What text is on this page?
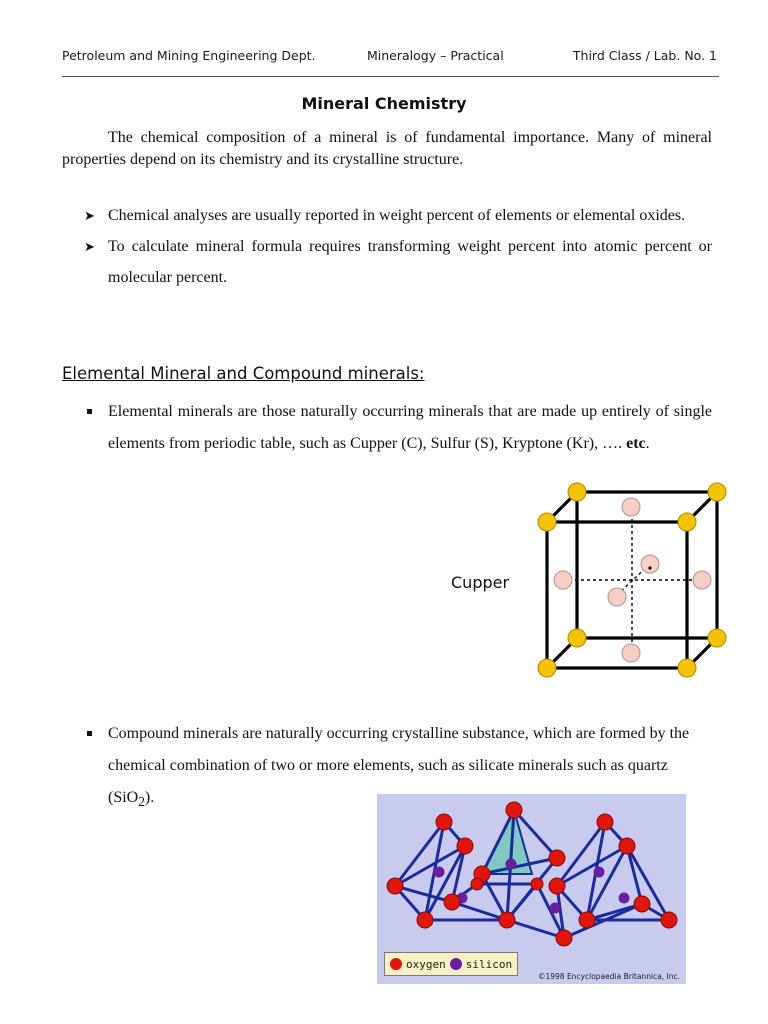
Petroleum and Mining Engineering Dept.	Mineralogy – Practical	Third Class / Lab. No. 1
Mineral Chemistry
The chemical composition of a mineral is of fundamental importance. Many of mineral properties depend on its chemistry and its crystalline structure.
➤ Chemical analyses are usually reported in weight percent of elements or elemental oxides.
➤ To calculate mineral formula requires transforming weight percent into atomic percent or molecular percent.
Elemental Mineral and Compound minerals:
Elemental minerals are those naturally occurring minerals that are made up entirely of single elements from periodic table, such as Cupper (C), Sulfur (S), Kryptone (Kr), …. etc.
Cupper
Compound minerals are naturally occurring crystalline substance, which are formed by the chemical combination of two or more elements, such as silicate minerals such as quartz (SiO$_2$).
oxygen silicon
©1998 Encyclopaedia Britannica, Inc.
